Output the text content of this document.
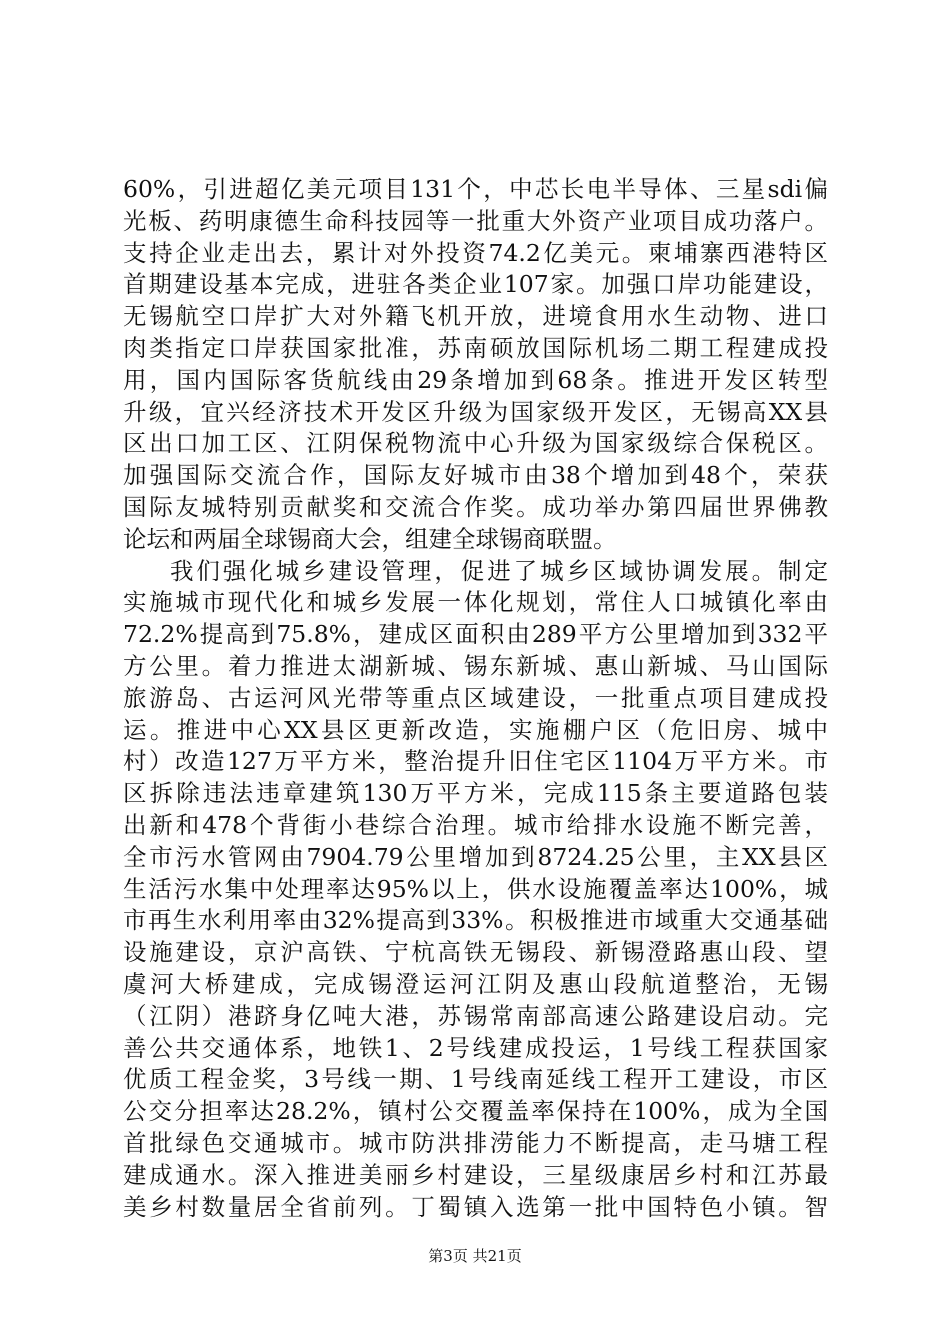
60%，引进超亿美元项目131个，中芯长电半导体、三星sdi偏
光板、药明康德生命科技园等一批重大外资产业项目成功落户。
支持企业走出去，累计对外投资74.2亿美元。柬埔寨西港特区
首期建设基本完成，进驻各类企业107家。加强口岸功能建设，
无锡航空口岸扩大对外籍飞机开放，进境食用水生动物、进口
肉类指定口岸获国家批准，苏南硕放国际机场二期工程建成投
用，国内国际客货航线由29条增加到68条。推进开发区转型
升级，宜兴经济技术开发区升级为国家级开发区，无锡高XX县
区出口加工区、江阴保税物流中心升级为国家级综合保税区。
加强国际交流合作，国际友好城市由38个增加到48个，荣获
国际友城特别贡献奖和交流合作奖。成功举办第四届世界佛教
论坛和两届全球锡商大会，组建全球锡商联盟。
我们强化城乡建设管理，促进了城乡区域协调发展。制定
实施城市现代化和城乡发展一体化规划，常住人口城镇化率由
72.2%提高到75.8%，建成区面积由289平方公里增加到332平
方公里。着力推进太湖新城、锡东新城、惠山新城、马山国际
旅游岛、古运河风光带等重点区域建设，一批重点项目建成投
运。推进中心XX县区更新改造，实施棚户区（危旧房、城中
村）改造127万平方米，整治提升旧住宅区1104万平方米。市
区拆除违法违章建筑130万平方米，完成115条主要道路包装
出新和478个背街小巷综合治理。城市给排水设施不断完善，
全市污水管网由7904.79公里增加到8724.25公里，主XX县区
生活污水集中处理率达95%以上，供水设施覆盖率达100%，城
市再生水利用率由32%提高到33%。积极推进市域重大交通基础
设施建设，京沪高铁、宁杭高铁无锡段、新锡澄路惠山段、望
虞河大桥建成，完成锡澄运河江阴及惠山段航道整治，无锡
（江阴）港跻身亿吨大港，苏锡常南部高速公路建设启动。完
善公共交通体系，地铁1、2号线建成投运，1号线工程获国家
优质工程金奖，3号线一期、1号线南延线工程开工建设，市区
公交分担率达28.2%，镇村公交覆盖率保持在100%，成为全国
首批绿色交通城市。城市防洪排涝能力不断提高，走马塘工程
建成通水。深入推进美丽乡村建设，三星级康居乡村和江苏最
美乡村数量居全省前列。丁蜀镇入选第一批中国特色小镇。智
第3页 共21页
